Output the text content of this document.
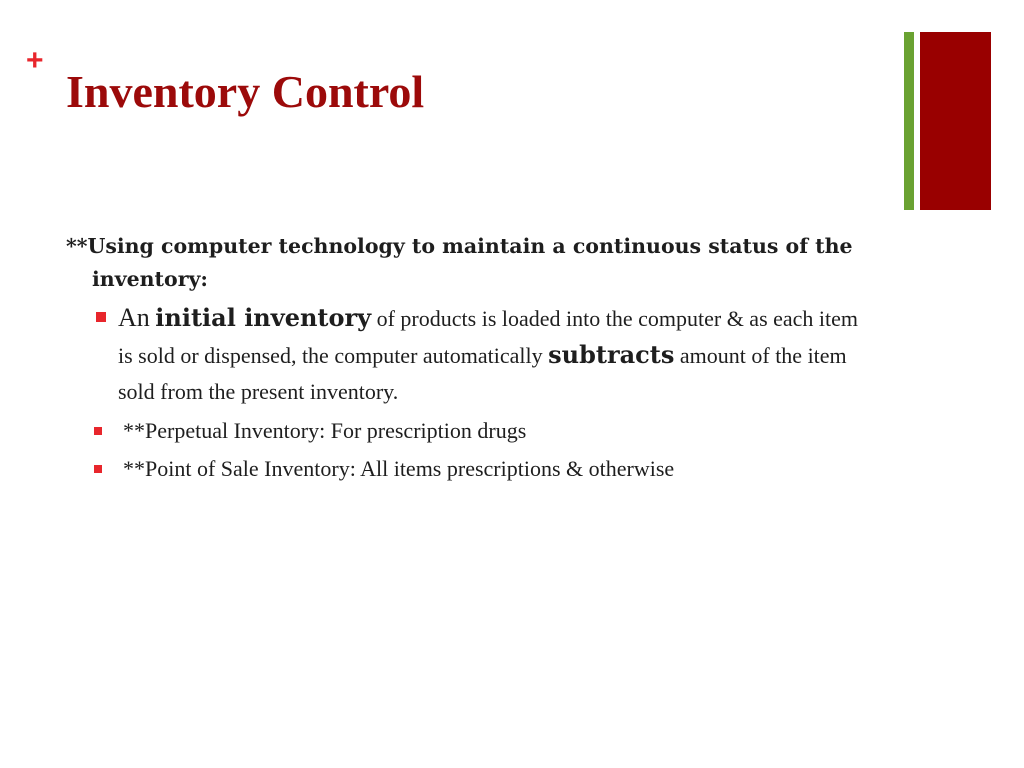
+
Inventory Control

**Using computer technology to maintain a continuous status of the inventory:

An initial inventory of products is loaded into the computer & as each item is sold or dispensed, the computer automatically subtracts amount of the item sold from the present inventory.
**Perpetual Inventory: For prescription drugs
**Point of Sale Inventory: All items prescriptions & otherwise
